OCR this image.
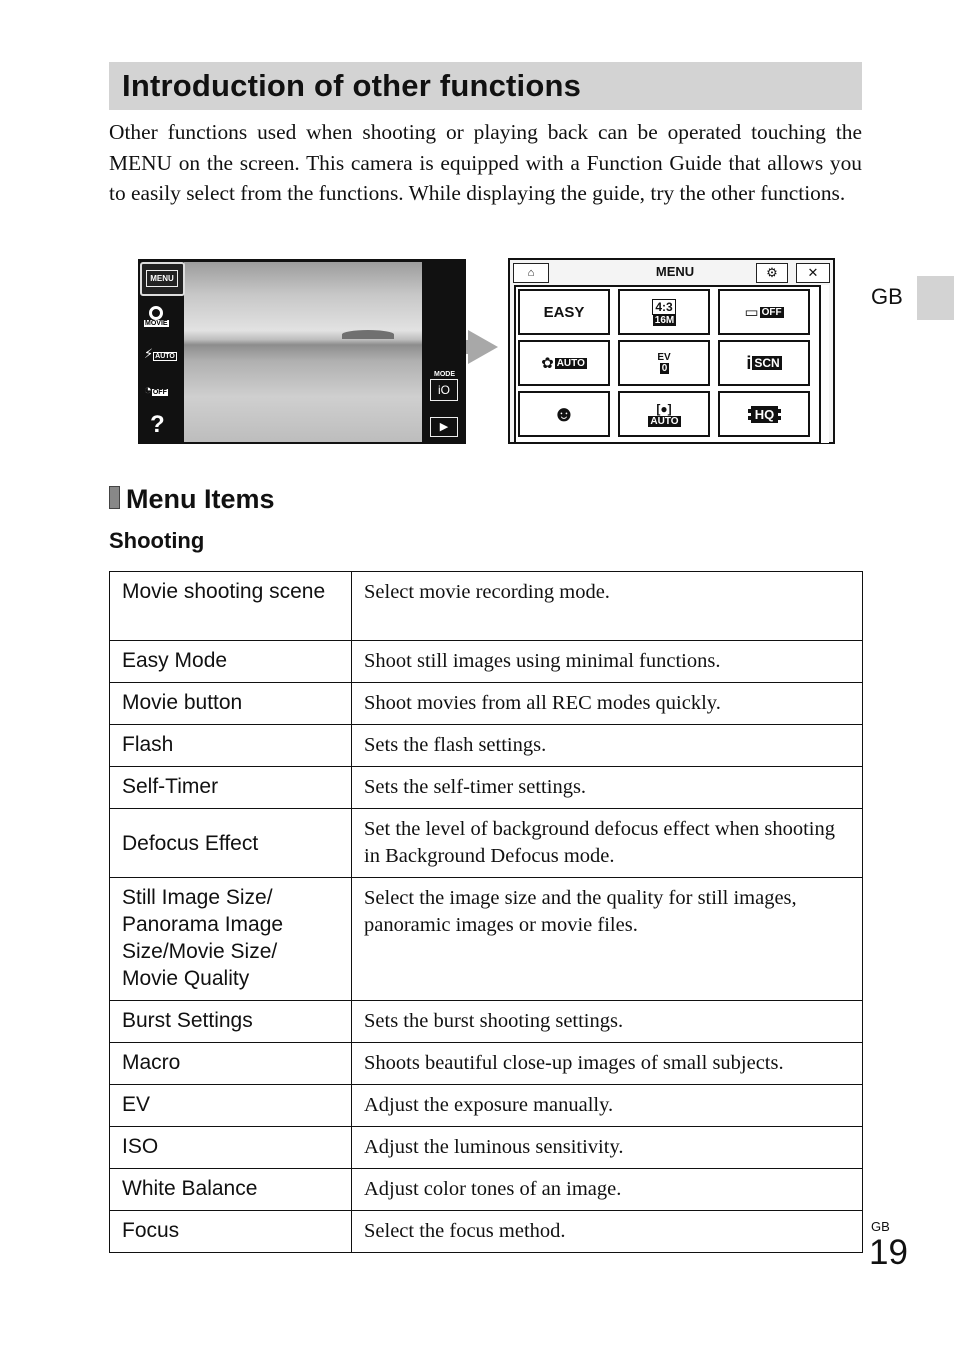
Introduction of other functions
Other functions used when shooting or playing back can be operated touching the MENU on the screen. This camera is equipped with a Function Guide that allows you to easily select from the functions. While displaying the guide, try the other functions.
GB
MENU
MOVIE
⚡ AUTO
◔OFF
?
MODE
iO
▶
⌂	MENU	⚙	✕
EASY	4:3
16M	▭ OFF
✿ AUTO	EV
0	i SCN
☻	[●]
AUTO	HQ
Menu Items
Shooting
Movie shooting scene	Select movie recording mode.
Easy Mode	Shoot still images using minimal functions.
Movie button	Shoot movies from all REC modes quickly.
Flash	Sets the flash settings.
Self-Timer	Sets the self-timer settings.
Defocus Effect	Set the level of background defocus effect when shooting in Background Defocus mode.
Still Image Size/ Panorama Image Size/Movie Size/ Movie Quality	Select the image size and the quality for still images, panoramic images or movie files.
Burst Settings	Sets the burst shooting settings.
Macro	Shoots beautiful close-up images of small subjects.
EV	Adjust the exposure manually.
ISO	Adjust the luminous sensitivity.
White Balance	Adjust color tones of an image.
Focus	Select the focus method.	GB
19
